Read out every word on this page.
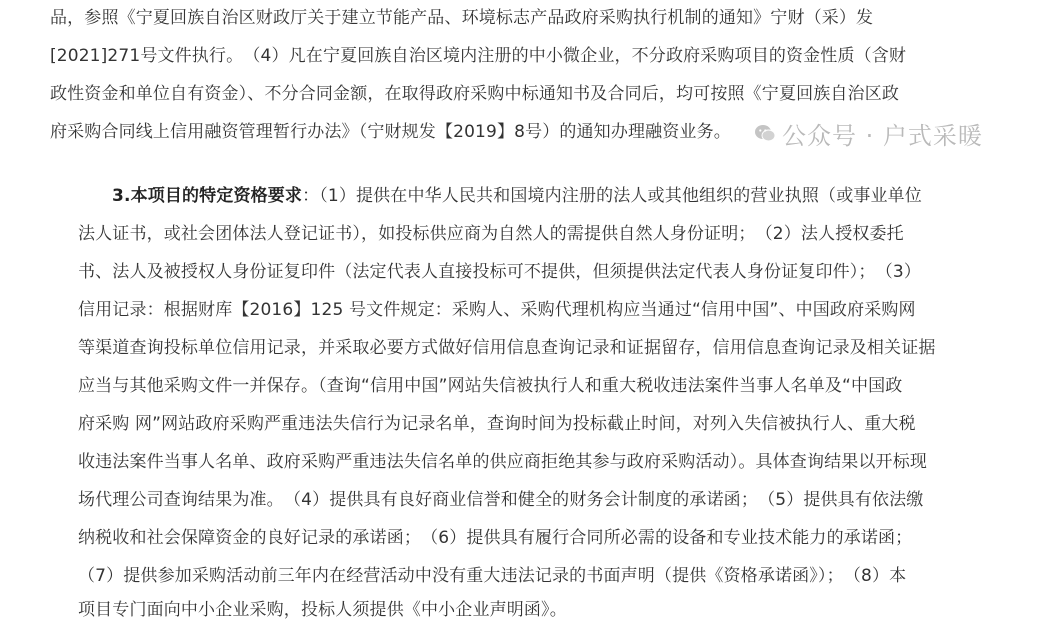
品，参照《宁夏回族自治区财政厅关于建立节能产品、环境标志产品政府采购执行机制的通知》宁财（采）发
[2021]271号文件执行。　（4）凡在宁夏回族自治区境内注册的中小微企业，不分政府采购项目的资金性质（含财
政性资金和单位自有资金）、不分合同金额，在取得政府采购中标通知书及合同后，均可按照《宁夏回族自治区政
府采购合同线上信用融资管理暂行办法》（宁财规发【2019】8号）的通知办理融资业务。
3.本项目的特定资格要求：（1）提供在中华人民共和国境内注册的法人或其他组织的营业执照（或事业单位
法人证书，或社会团体法人登记证书），如投标供应商为自然人的需提供自然人身份证明；　（2）法人授权委托
书、法人及被授权人身份证复印件（法定代表人直接投标可不提供，但须提供法定代表人身份证复印件）；　（3）
信用记录：根据财库【2016】125 号文件规定：采购人、采购代理机构应当通过“信用中国”、中国政府采购网
等渠道查询投标单位信用记录，并采取必要方式做好信用信息查询记录和证据留存，信用信息查询记录及相关证据
应当与其他采购文件一并保存。（查询“信用中国”网站失信被执行人和重大税收违法案件当事人名单及“中国政
府采购 网”网站政府采购严重违法失信行为记录名单，查询时间为投标截止时间，对列入失信被执行人、重大税
收违法案件当事人名单、政府采购严重违法失信名单的供应商拒绝其参与政府采购活动）。具体查询结果以开标现
场代理公司查询结果为准。　（4）提供具有良好商业信誉和健全的财务会计制度的承诺函；　（5）提供具有依法缴
纳税收和社会保障资金的良好记录的承诺函；　（6）提供具有履行合同所必需的设备和专业技术能力的承诺函；
（7）提供参加采购活动前三年内在经营活动中没有重大违法记录的书面声明（提供《资格承诺函》）；　（8）本
项目专门面向中小企业采购，投标人须提供《中小企业声明函》。
公众号 · 户式采暖
